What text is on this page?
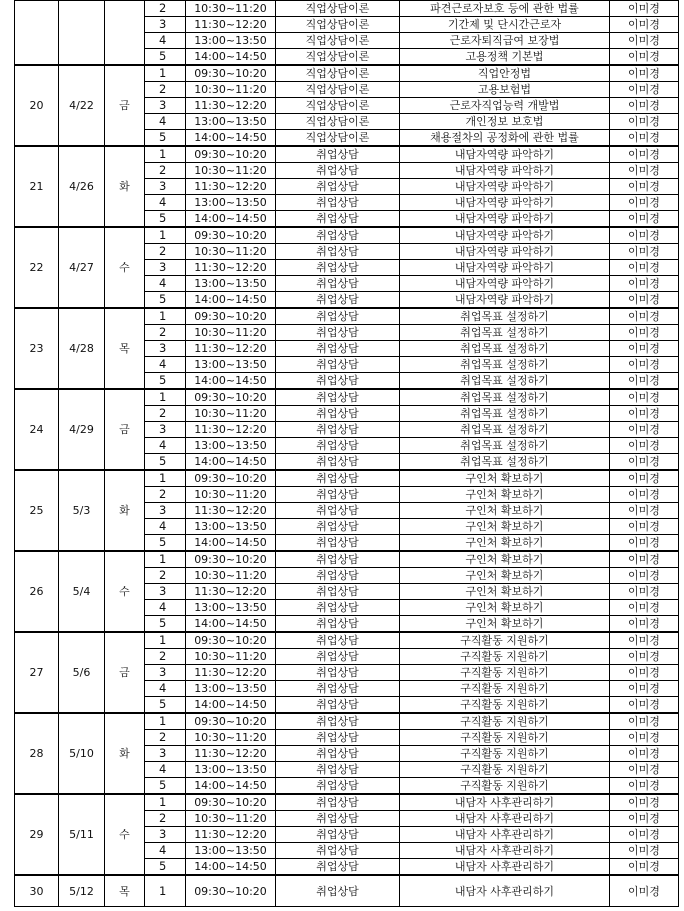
			2	10:30~11:20	직업상담이론	파견근로자보호 등에 관한 법률	이미경
			3	11:30~12:20	직업상담이론	기간제 및 단시간근로자	이미경
			4	13:00~13:50	직업상담이론	근로자퇴직급여 보장법	이미경
			5	14:00~14:50	직업상담이론	고용정책 기본법	이미경
20	4/22	금	1	09:30~10:20	직업상담이론	직업안정법	이미경
			2	10:30~11:20	직업상담이론	고용보험법	이미경
			3	11:30~12:20	직업상담이론	근로자직업능력 개발법	이미경
			4	13:00~13:50	직업상담이론	개인정보 보호법	이미경
			5	14:00~14:50	직업상담이론	채용절차의 공정화에 관한 법률	이미경
21	4/26	화	1	09:30~10:20	취업상담	내담자역량 파악하기	이미경
			2	10:30~11:20	취업상담	내담자역량 파악하기	이미경
			3	11:30~12:20	취업상담	내담자역량 파악하기	이미경
			4	13:00~13:50	취업상담	내담자역량 파악하기	이미경
			5	14:00~14:50	취업상담	내담자역량 파악하기	이미경
22	4/27	수	1	09:30~10:20	취업상담	내담자역량 파악하기	이미경
			2	10:30~11:20	취업상담	내담자역량 파악하기	이미경
			3	11:30~12:20	취업상담	내담자역량 파악하기	이미경
			4	13:00~13:50	취업상담	내담자역량 파악하기	이미경
			5	14:00~14:50	취업상담	내담자역량 파악하기	이미경
23	4/28	목	1	09:30~10:20	취업상담	취업목표 설정하기	이미경
			2	10:30~11:20	취업상담	취업목표 설정하기	이미경
			3	11:30~12:20	취업상담	취업목표 설정하기	이미경
			4	13:00~13:50	취업상담	취업목표 설정하기	이미경
			5	14:00~14:50	취업상담	취업목표 설정하기	이미경
24	4/29	금	1	09:30~10:20	취업상담	취업목표 설정하기	이미경
			2	10:30~11:20	취업상담	취업목표 설정하기	이미경
			3	11:30~12:20	취업상담	취업목표 설정하기	이미경
			4	13:00~13:50	취업상담	취업목표 설정하기	이미경
			5	14:00~14:50	취업상담	취업목표 설정하기	이미경
25	5/3	화	1	09:30~10:20	취업상담	구인처 확보하기	이미경
			2	10:30~11:20	취업상담	구인처 확보하기	이미경
			3	11:30~12:20	취업상담	구인처 확보하기	이미경
			4	13:00~13:50	취업상담	구인처 확보하기	이미경
			5	14:00~14:50	취업상담	구인처 확보하기	이미경
26	5/4	수	1	09:30~10:20	취업상담	구인처 확보하기	이미경
			2	10:30~11:20	취업상담	구인처 확보하기	이미경
			3	11:30~12:20	취업상담	구인처 확보하기	이미경
			4	13:00~13:50	취업상담	구인처 확보하기	이미경
			5	14:00~14:50	취업상담	구인처 확보하기	이미경
27	5/6	금	1	09:30~10:20	취업상담	구직활동 지원하기	이미경
			2	10:30~11:20	취업상담	구직활동 지원하기	이미경
			3	11:30~12:20	취업상담	구직활동 지원하기	이미경
			4	13:00~13:50	취업상담	구직활동 지원하기	이미경
			5	14:00~14:50	취업상담	구직활동 지원하기	이미경
28	5/10	화	1	09:30~10:20	취업상담	구직활동 지원하기	이미경
			2	10:30~11:20	취업상담	구직활동 지원하기	이미경
			3	11:30~12:20	취업상담	구직활동 지원하기	이미경
			4	13:00~13:50	취업상담	구직활동 지원하기	이미경
			5	14:00~14:50	취업상담	구직활동 지원하기	이미경
29	5/11	수	1	09:30~10:20	취업상담	내담자 사후관리하기	이미경
			2	10:30~11:20	취업상담	내담자 사후관리하기	이미경
			3	11:30~12:20	취업상담	내담자 사후관리하기	이미경
			4	13:00~13:50	취업상담	내담자 사후관리하기	이미경
			5	14:00~14:50	취업상담	내담자 사후관리하기	이미경
30	5/12	목	1	09:30~10:20	취업상담	내담자 사후관리하기	이미경
